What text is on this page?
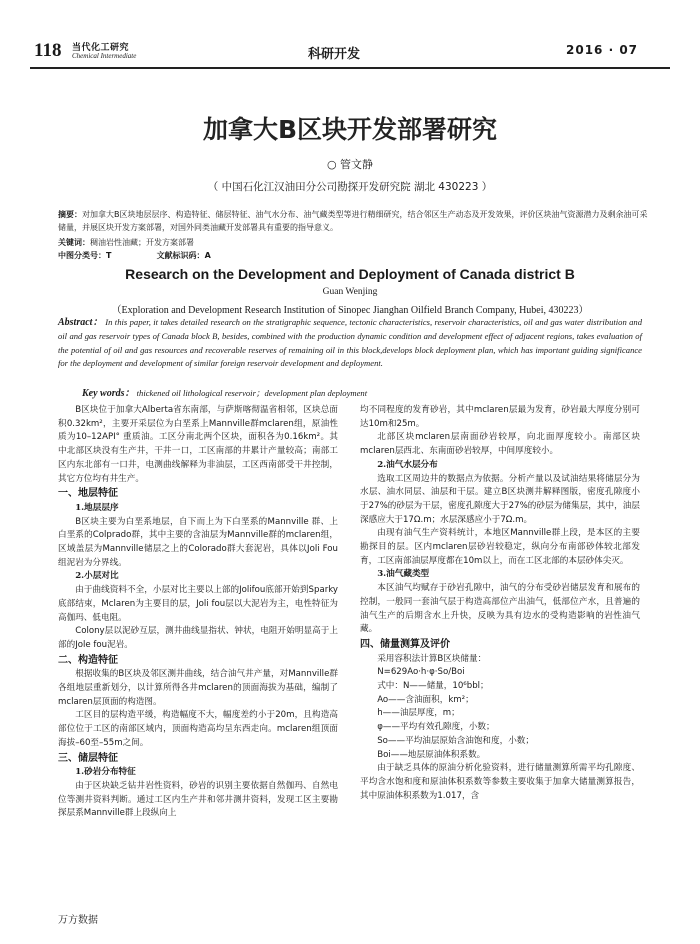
118 当代化工研究
Chemical Intermediate	科研开发	2016 · 07
加拿大B区块开发部署研究
○ 管文静
（ 中国石化江汉油田分公司勘探开发研究院 湖北 430223 ）
摘要：对加拿大B区块地层层序、构造特征、储层特征、油气水分布、油气藏类型等进行精细研究，结合邻区生产动态及开发效果，评价区块油气资源潜力及剩余油可采储量，并展区块开发方案部署，对国外同类油藏开发部署具有重要的指导意义。
关键词：稠油岩性油藏；开发方案部署
中图分类号：T	文献标识码：A
Research on the Development and Deployment of Canada district B
Guan Wenjing
（Exploration and Development Research Institution of Sinopec Jianghan Oilfield Branch Company, Hubei, 430223）
Abstract： In this paper, it takes detailed research on the stratigraphic sequence, tectonic characteristics, reservoir characteristics, oil and gas water distribution and oil and gas reservoir types of Canada block B, besides, combined with the production dynamic condition and development effect of adjacent regions, takes evaluation of the potential of oil and gas resources and recoverable reserves of remaining oil in this block,develops block deployment plan, which has important guiding significance for the deployment and development of similar foreign reservoir development and deployment.
Key words： thickened oil lithological reservoir；development plan deployment

B区块位于加拿大Alberta省东南部，与萨斯喀彻温省相邻，区块总面积0.32km²，主要开采层位为白垩系上Mannville群mclaren组，原油性质为10–12API° 重质油。工区分南北两个区块，面积各为0.16km²。其中北部区块没有生产井，干井一口，工区南部的井累计产量较高；南部工区内东北部有一口井，电测曲线解释为非油层，工区西南部受干井控制，其它方位均有井生产。

一、地层特征
1.地层层序

B区块主要为白垩系地层，自下而上为下白垩系的Mannville 群、上白垩系的Colprado群，其中主要的含油层为Mannville群的mclaren组，区域盖层为Mannville储层之上的Colorado群大套泥岩，具体以Joli Fou组泥岩为分界线。

2.小层对比

由于曲线资料不全，小层对比主要以上部的Jolifou底部开始到Sparky底部结束，Mclaren为主要目的层，Joli fou层以大泥岩为主，电性特征为高伽玛、低电阻。

Colony层以泥砂互层，测井曲线显指状、钟状，电阻开始明显高于上部的Jole fou泥岩。

二、构造特征

根据收集的B区块及邻区测井曲线，结合油气井产量，对Mannville群各组地层重新划分，以计算所得各井mclaren的顶面海拔为基础，编制了mclaren层顶面的构造图。

工区目的层构造平缓，构造幅度不大，幅度差约小于20m，且构造高部位位于工区的南部区域内，顶面构造高均呈东西走向。mclaren组顶面海拔–60至–55m之间。

三、储层特征
1.砂岩分布特征

由于区块缺乏钻井岩性资料，砂岩的识别主要依据自然伽玛、自然电位等测井资料判断。通过工区内生产井和邻井测井资料，发现工区主要勘探层系Mannville群上段纵向上

均不同程度的发育砂岩，其中mclaren层最为发育，砂岩最大厚度分别可达10m和25m。

北部区块mclaren层南面砂岩较厚，向北面厚度较小。南部区块mclaren层西北、东南面砂岩较厚，中间厚度较小。

2.油气水层分布

选取工区周边井的数据点为依据。分析产量以及试油结果将储层分为水层、油水同层、油层和干层。建立B区块测井解释图版，密度孔隙度小于27%的砂层为干层，密度孔隙度大于27%的砂层为储集层，其中，油层深感应大于17Ω.m；水层深感应小于7Ω.m。

由现有油气生产资料统计，本地区Mannville群上段，是本区的主要勘探目的层。区内mclaren层砂岩较稳定，纵向分布南部砂体较北部发育，工区南部油层厚度都在10m以上，而在工区北部的本层砂体尖灭。

3.油气藏类型

本区油气均赋存于砂岩孔隙中，油气的分布受砂岩储层发育和展布的控制，一般同一套油气层于构造高部位产出油气，低部位产水，且普遍的油气生产的后期含水上升快，反映为具有边水的受构造影响的岩性油气藏。

四、储量测算及评价

采用容积法计算B区块储量：

N=629Ao·h·φ·So/Boi
式中：N——储量，10⁶bbl；
Ao——含油面积，km²；
h——油层厚度，m；
φ——平均有效孔隙度，小数；
So——平均油层原始含油饱和度，小数；
Boi——地层原油体积系数。

由于缺乏具体的原油分析化验资料，进行储量测算所需平均孔隙度、平均含水饱和度和原油体积系数等参数主要收集于加拿大储量测算报告，其中原油体积系数为1.017，含

万方数据
